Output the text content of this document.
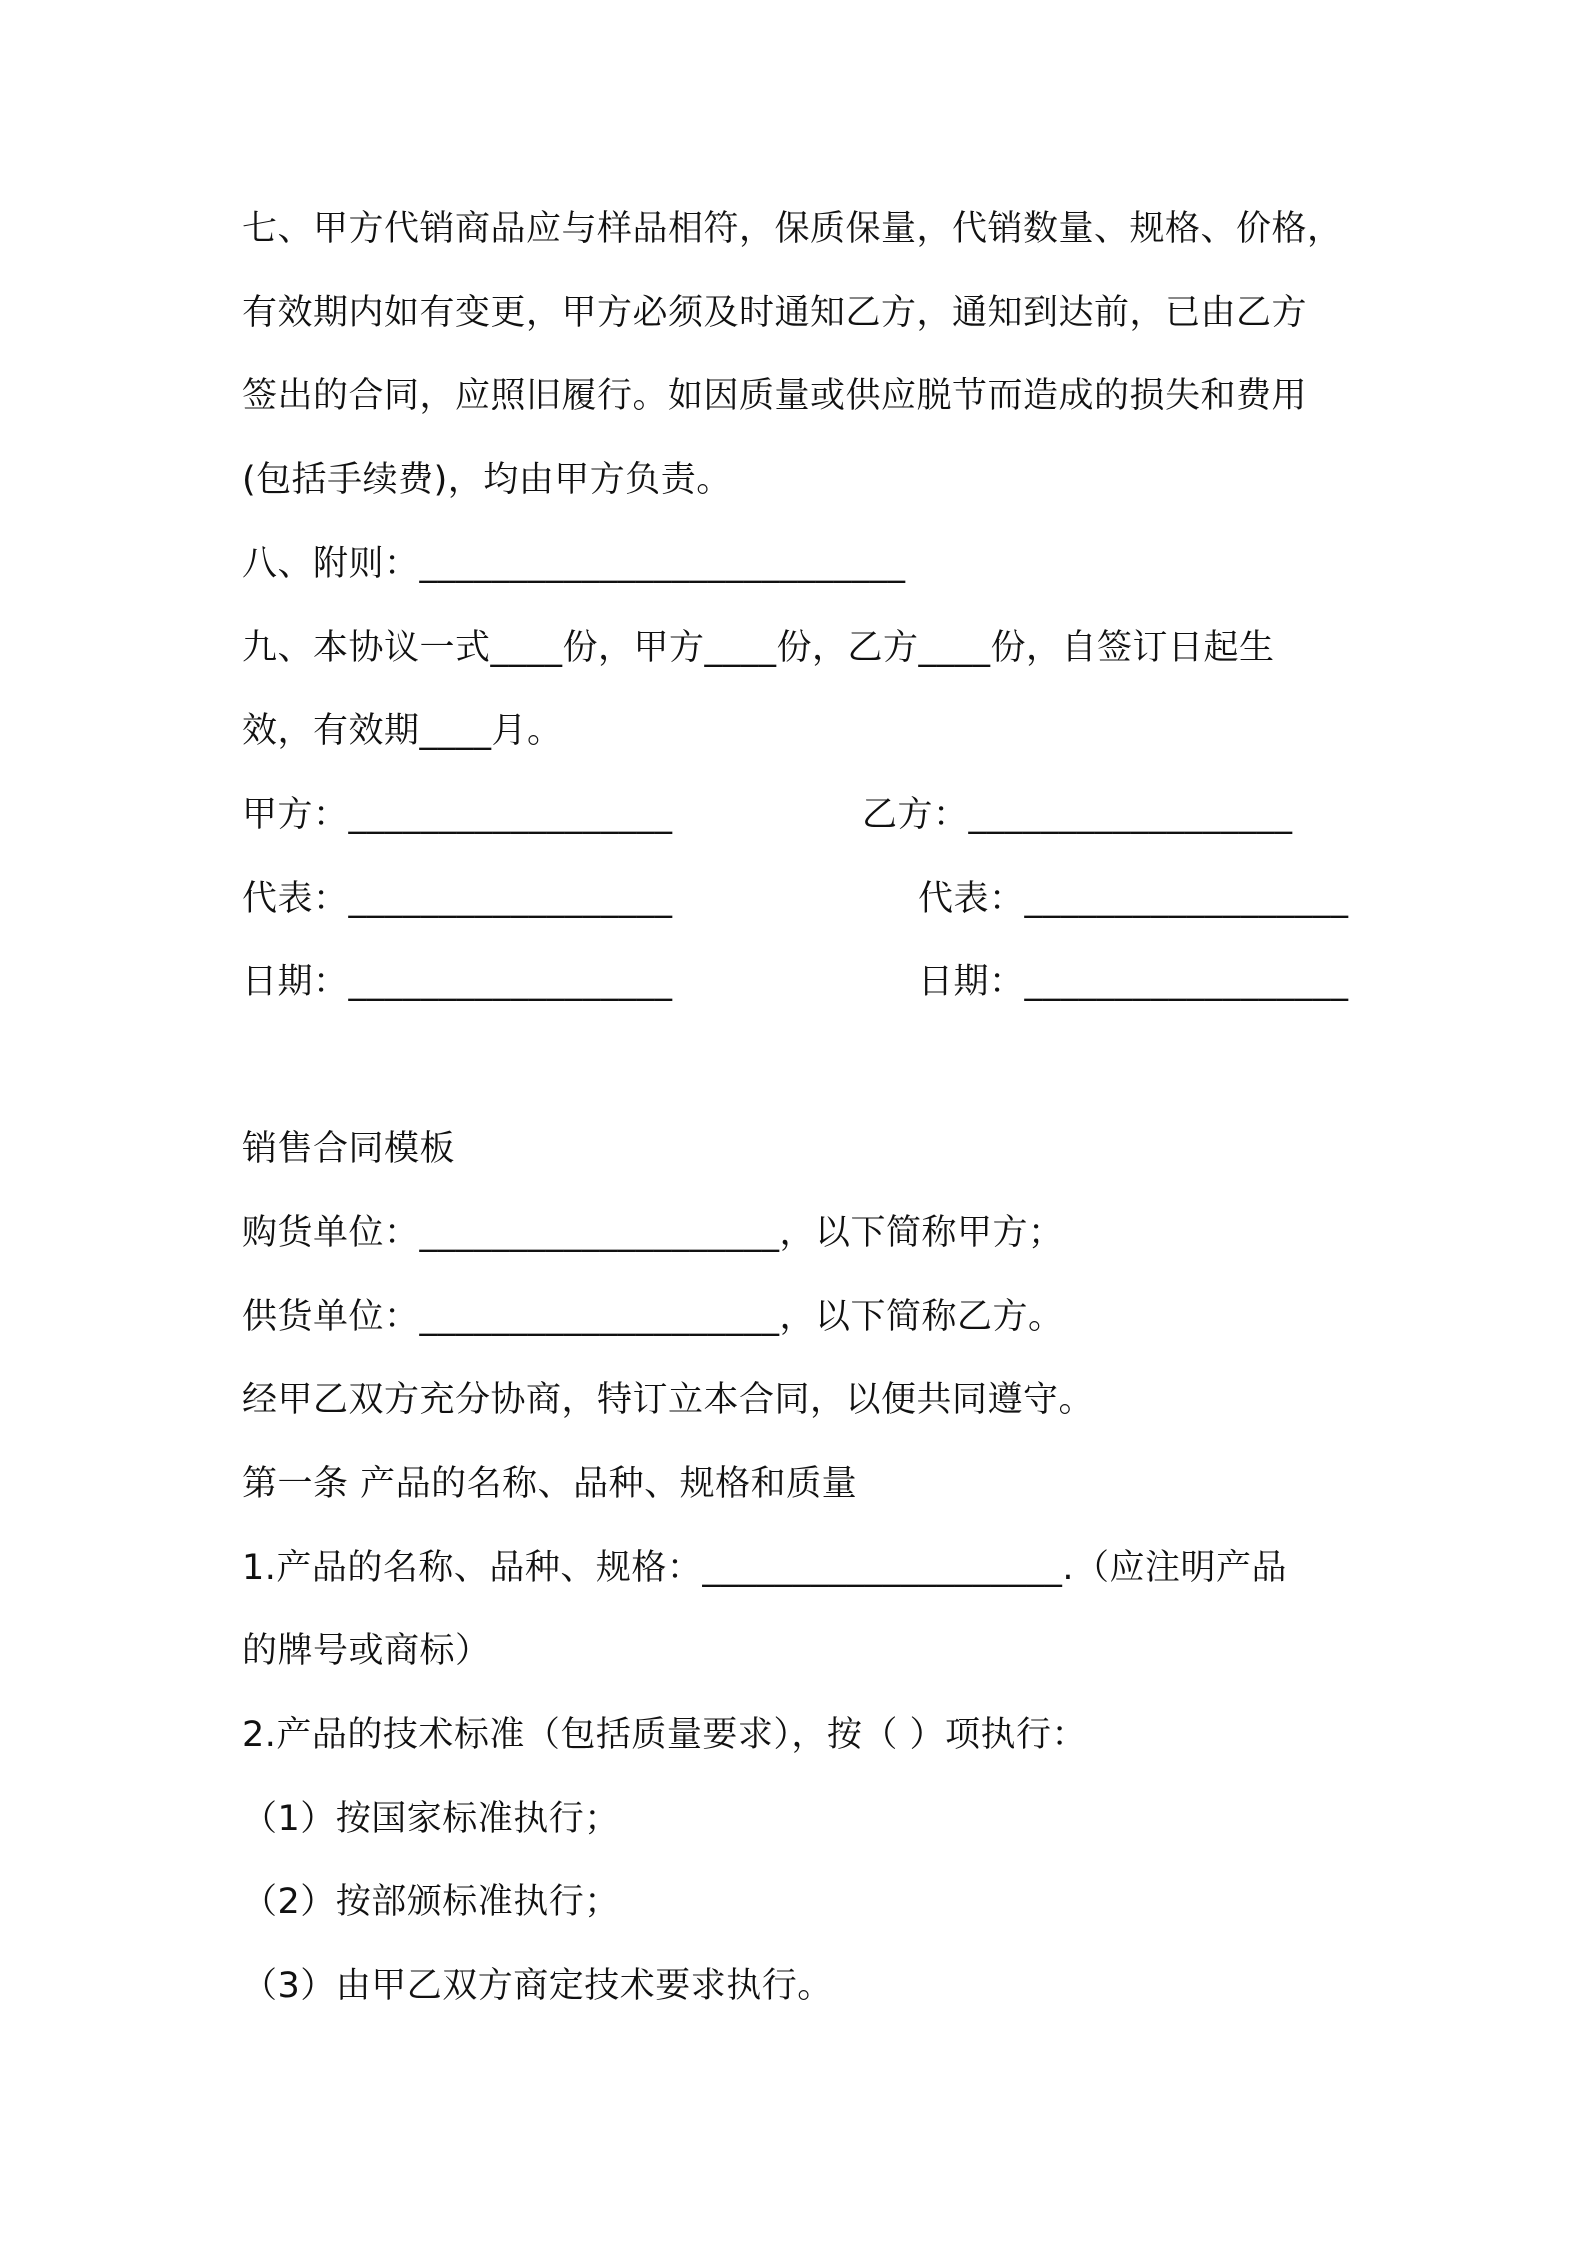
七、甲方代销商品应与样品相符，保质保量，代销数量、规格、价格，
有效期内如有变更，甲方必须及时通知乙方，通知到达前，已由乙方
签出的合同，应照旧履行。如因质量或供应脱节而造成的损失和费用
(包括手续费)，均由甲方负责。
八、附则：___________________________
九、本协议一式____份，甲方____份，乙方____份，自签订日起生
效，有效期____月。
甲方：__________________	乙方：__________________
代表：__________________	代表：__________________
日期：__________________	日期：__________________
销售合同模板
购货单位：____________________，以下简称甲方；
供货单位：____________________，以下简称乙方。
经甲乙双方充分协商，特订立本合同，以便共同遵守。
第一条 产品的名称、品种、规格和质量
1.产品的名称、品种、规格：____________________.（应注明产品
的牌号或商标）
2.产品的技术标准（包括质量要求），按（ ）项执行：
（1）按国家标准执行；
（2）按部颁标准执行；
（3）由甲乙双方商定技术要求执行。
